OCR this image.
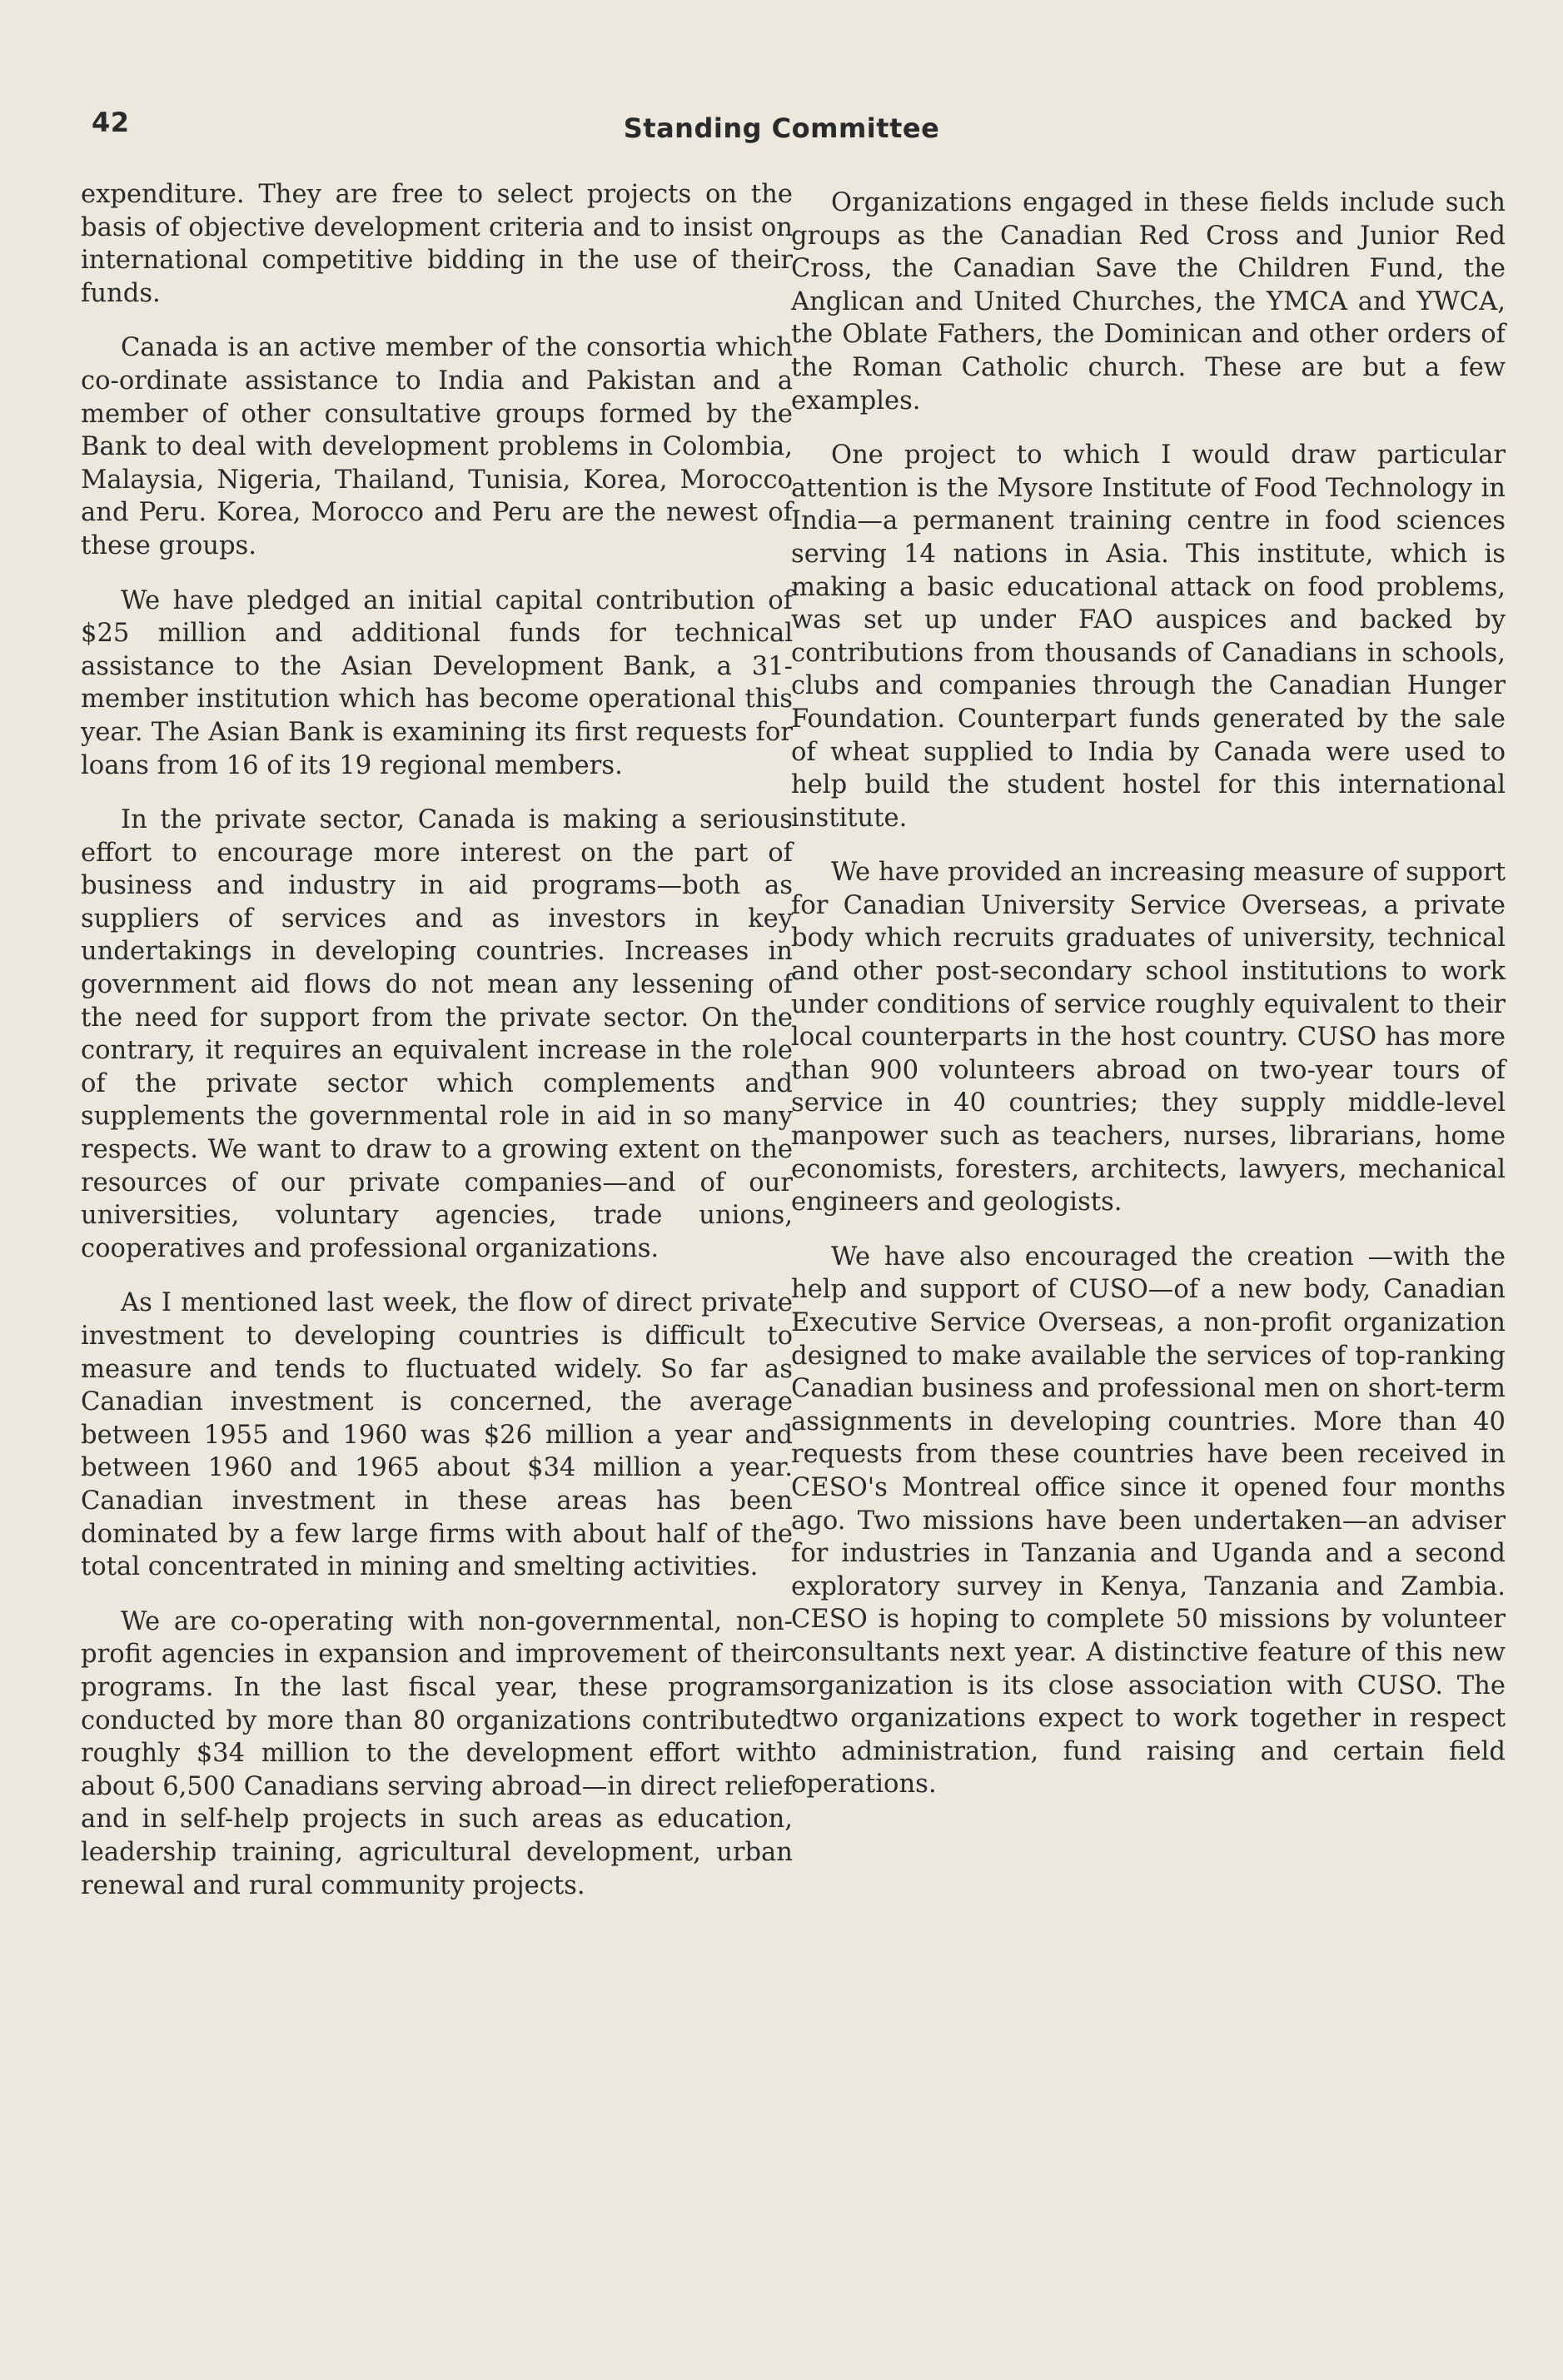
42	Standing Committee

expenditure. They are free to select projects on the basis of objective development criteria and to insist on international competitive bidding in the use of their funds.

Canada is an active member of the consortia which co-ordinate assistance to India and Pakistan and a member of other consultative groups formed by the Bank to deal with development problems in Colombia, Malaysia, Nigeria, Thailand, Tunisia, Korea, Morocco and Peru. Korea, Morocco and Peru are the newest of these groups.

We have pledged an initial capital contribution of $25 million and additional funds for technical assistance to the Asian Development Bank, a 31-member institution which has become operational this year. The Asian Bank is examining its first requests for loans from 16 of its 19 regional members.

In the private sector, Canada is making a serious effort to encourage more interest on the part of business and industry in aid programs—both as suppliers of services and as investors in key undertakings in developing countries. Increases in government aid flows do not mean any lessening of the need for support from the private sector. On the contrary, it requires an equivalent increase in the role of the private sector which complements and supplements the governmental role in aid in so many respects. We want to draw to a growing extent on the resources of our private companies—and of our universities, voluntary agencies, trade unions, cooperatives and professional organizations.

As I mentioned last week, the flow of direct private investment to developing countries is difficult to measure and tends to fluctuated widely. So far as Canadian investment is concerned, the average between 1955 and 1960 was $26 million a year and between 1960 and 1965 about $34 million a year. Canadian investment in these areas has been dominated by a few large firms with about half of the total concentrated in mining and smelting activities.

We are co-operating with non-governmental, non-profit agencies in expansion and improvement of their programs. In the last fiscal year, these programs conducted by more than 80 organizations contributed roughly $34 million to the development effort with about 6,500 Canadians serving abroad—in direct relief and in self-help projects in such areas as education, leadership training, agricultural development, urban renewal and rural community projects.

Organizations engaged in these fields include such groups as the Canadian Red Cross and Junior Red Cross, the Canadian Save the Children Fund, the Anglican and United Churches, the YMCA and YWCA, the Oblate Fathers, the Dominican and other orders of the Roman Catholic church. These are but a few examples.

One project to which I would draw particular attention is the Mysore Institute of Food Technology in India—a permanent training centre in food sciences serving 14 nations in Asia. This institute, which is making a basic educational attack on food problems, was set up under FAO auspices and backed by contributions from thousands of Canadians in schools, clubs and companies through the Canadian Hunger Foundation. Counterpart funds generated by the sale of wheat supplied to India by Canada were used to help build the student hostel for this international institute.

We have provided an increasing measure of support for Canadian University Service Overseas, a private body which recruits graduates of university, technical and other post-secondary school institutions to work under conditions of service roughly equivalent to their local counterparts in the host country. CUSO has more than 900 volunteers abroad on two-year tours of service in 40 countries; they supply middle-level manpower such as teachers, nurses, librarians, home economists, foresters, architects, lawyers, mechanical engineers and geologists.

We have also encouraged the creation —with the help and support of CUSO—of a new body, Canadian Executive Service Overseas, a non-profit organization designed to make available the services of top-ranking Canadian business and professional men on short-term assignments in developing countries. More than 40 requests from these countries have been received in CESO's Montreal office since it opened four months ago. Two missions have been undertaken—an adviser for industries in Tanzania and Uganda and a second exploratory survey in Kenya, Tanzania and Zambia. CESO is hoping to complete 50 missions by volunteer consultants next year. A distinctive feature of this new organization is its close association with CUSO. The two organizations expect to work together in respect to administration, fund raising and certain field operations.
